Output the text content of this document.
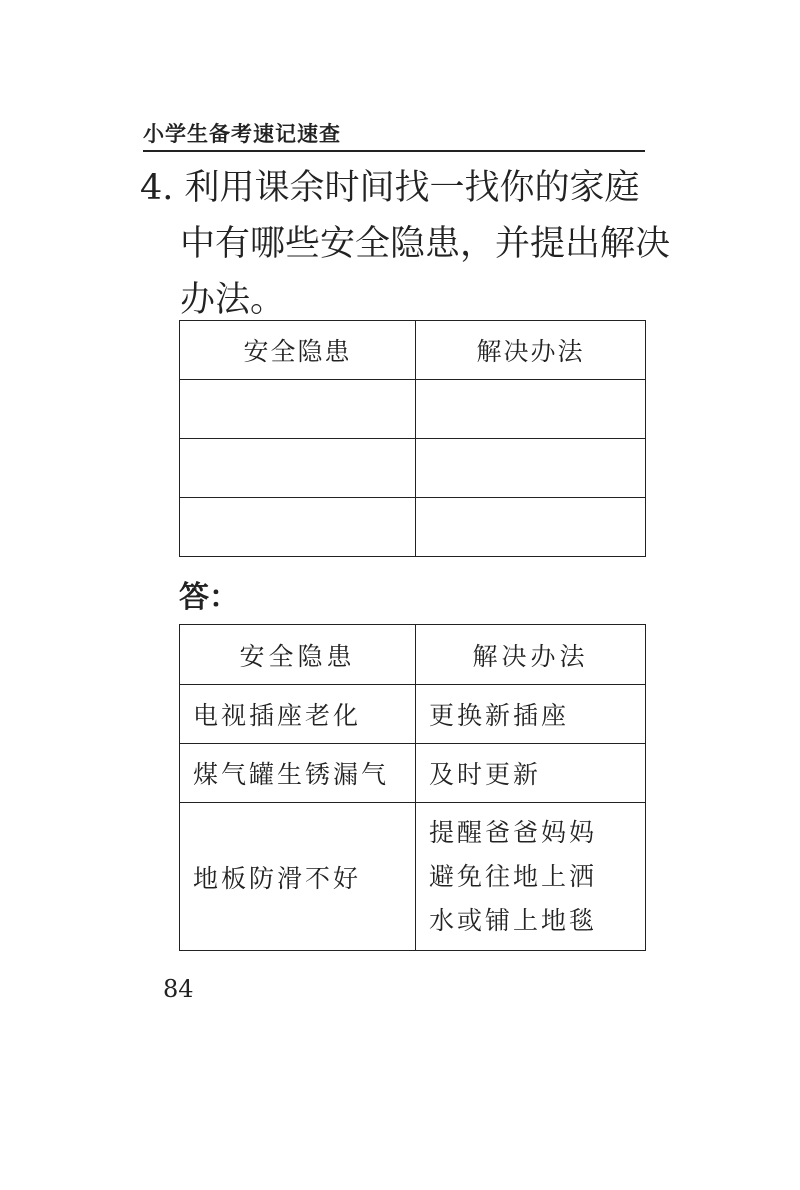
小学生备考速记速查
4. 利用课余时间找一找你的家庭
中有哪些安全隐患，并提出解决
办法。
安全隐患	解决办法

答：
安全隐患	解决办法
电视插座老化	更换新插座
煤气罐生锈漏气	及时更新
地板防滑不好	提醒爸爸妈妈
避免往地上洒
水或铺上地毯
84
